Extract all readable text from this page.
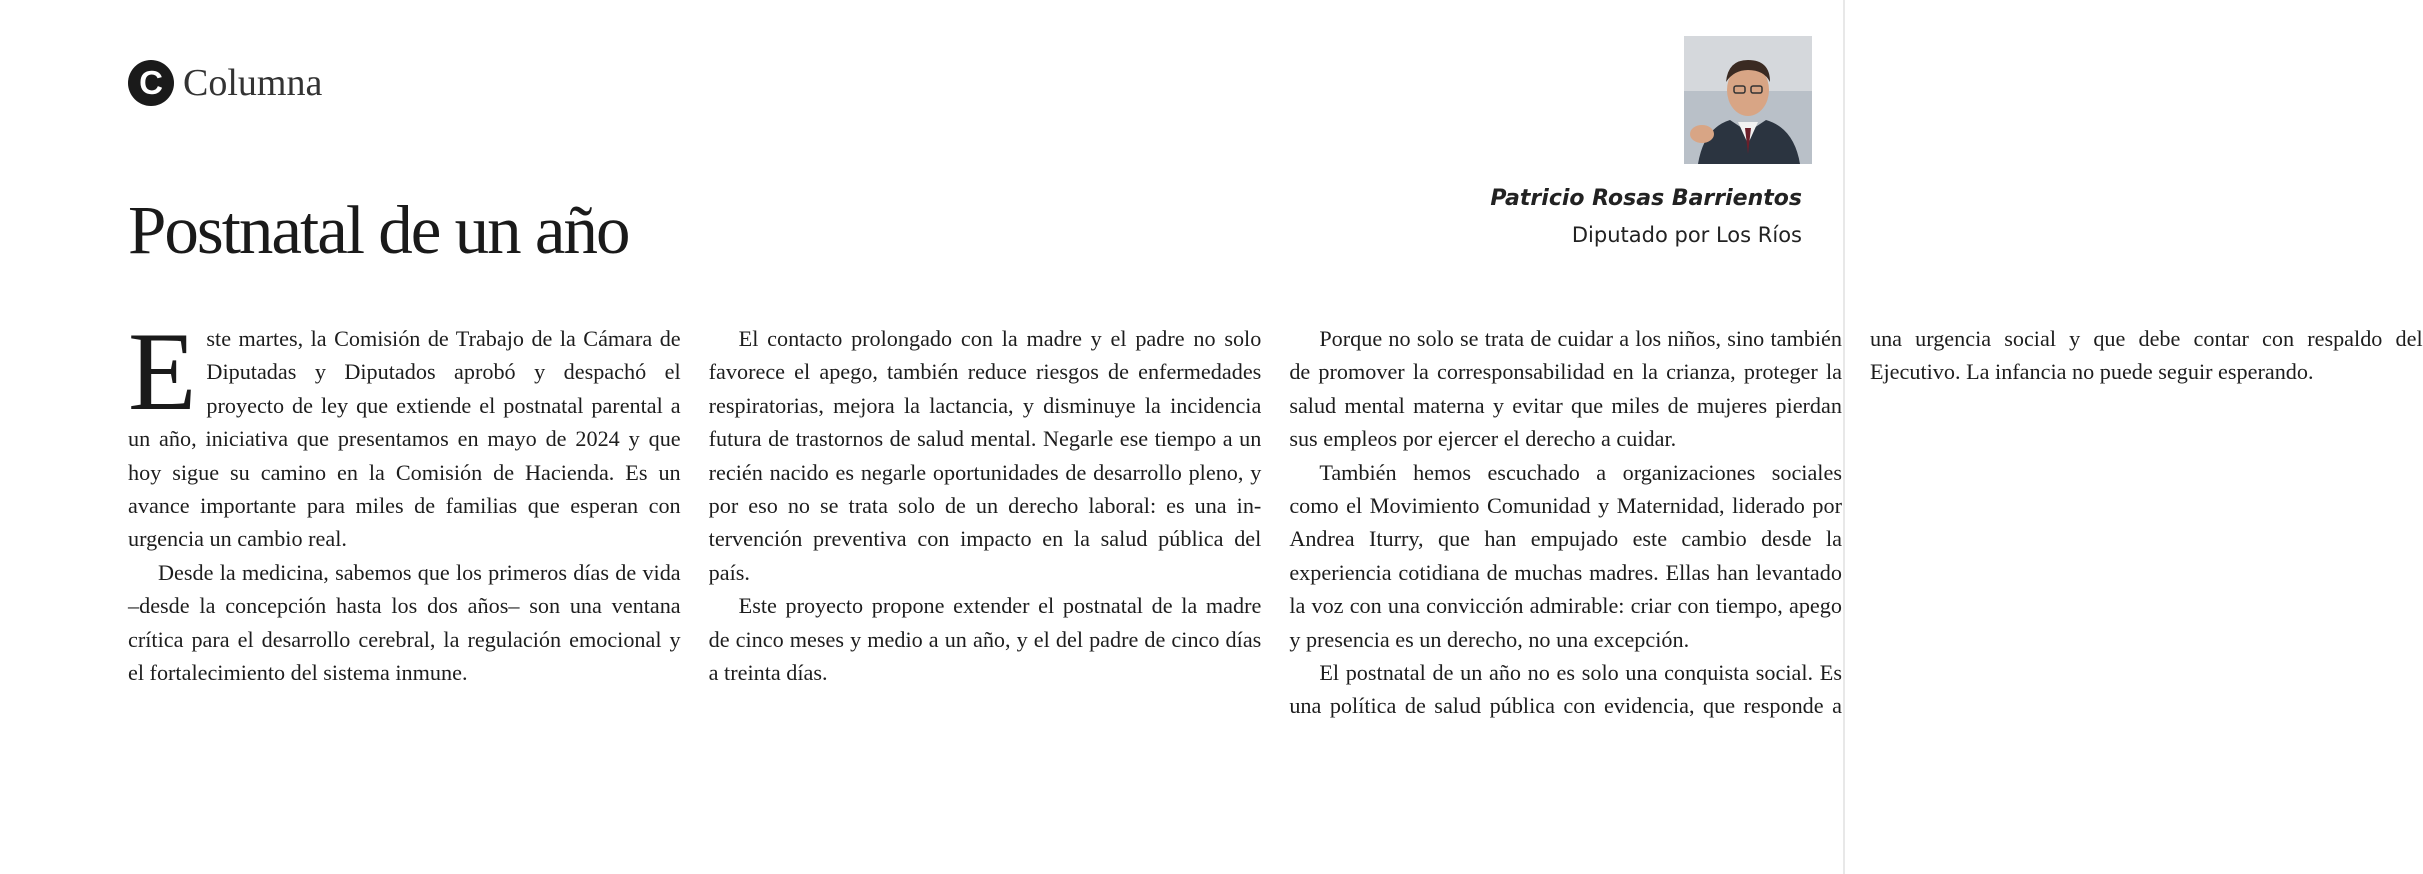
C Columna
Postnatal de un año	Patricio Rosas Barrientos
Diputado por Los Ríos

Este martes, la Comisión de Trabajo de la Cámara de Diputadas y Diputados aprobó y despachó el proyecto de ley que extiende el postnatal parental a un año, iniciativa que presentamos en mayo de 2024 y que hoy sigue su camino en la Comisión de Hacienda. Es un avance importante para miles de familias que esperan con urgencia un cambio real.

Desde la medicina, sabemos que los primeros días de vida –desde la concepción hasta los dos años– son una ventana crítica para el desarrollo cerebral, la regulación emocional y el fortalecimiento del sistema inmune.

El contacto prolongado con la madre y el padre no solo favorece el apego, también reduce riesgos de enfermedades respiratorias, mejora la lactancia, y disminuye la incidencia futura de trastornos de salud mental. Negarle ese tiempo a un recién nacido es negarle oportunidades de desarrollo pleno, y por eso no se trata solo de un derecho laboral: es una intervención preventiva con impacto en la salud pública del país.

Este proyecto propone extender el postnatal de la madre de cinco meses y medio a un año, y el del padre de cinco días a treinta días.

Porque no solo se trata de cuidar a los niños, sino también de promover la corresponsabilidad en la crianza, proteger la salud mental materna y evitar que miles de mujeres pierdan sus empleos por ejercer el derecho a cuidar.

También hemos escuchado a organizaciones sociales como el Movimiento Comunidad y Maternidad, liderado por Andrea Iturry, que han empujado este cambio desde la experiencia cotidiana de muchas madres. Ellas han levantado la voz con una convicción admirable: criar con tiempo, apego y presencia es un derecho, no una excepción.

El postnatal de un año no es solo una conquista social. Es una política de salud pública con evidencia, que responde a una urgencia social y que debe contar con respaldo del Ejecutivo. La infancia no puede seguir esperando.
